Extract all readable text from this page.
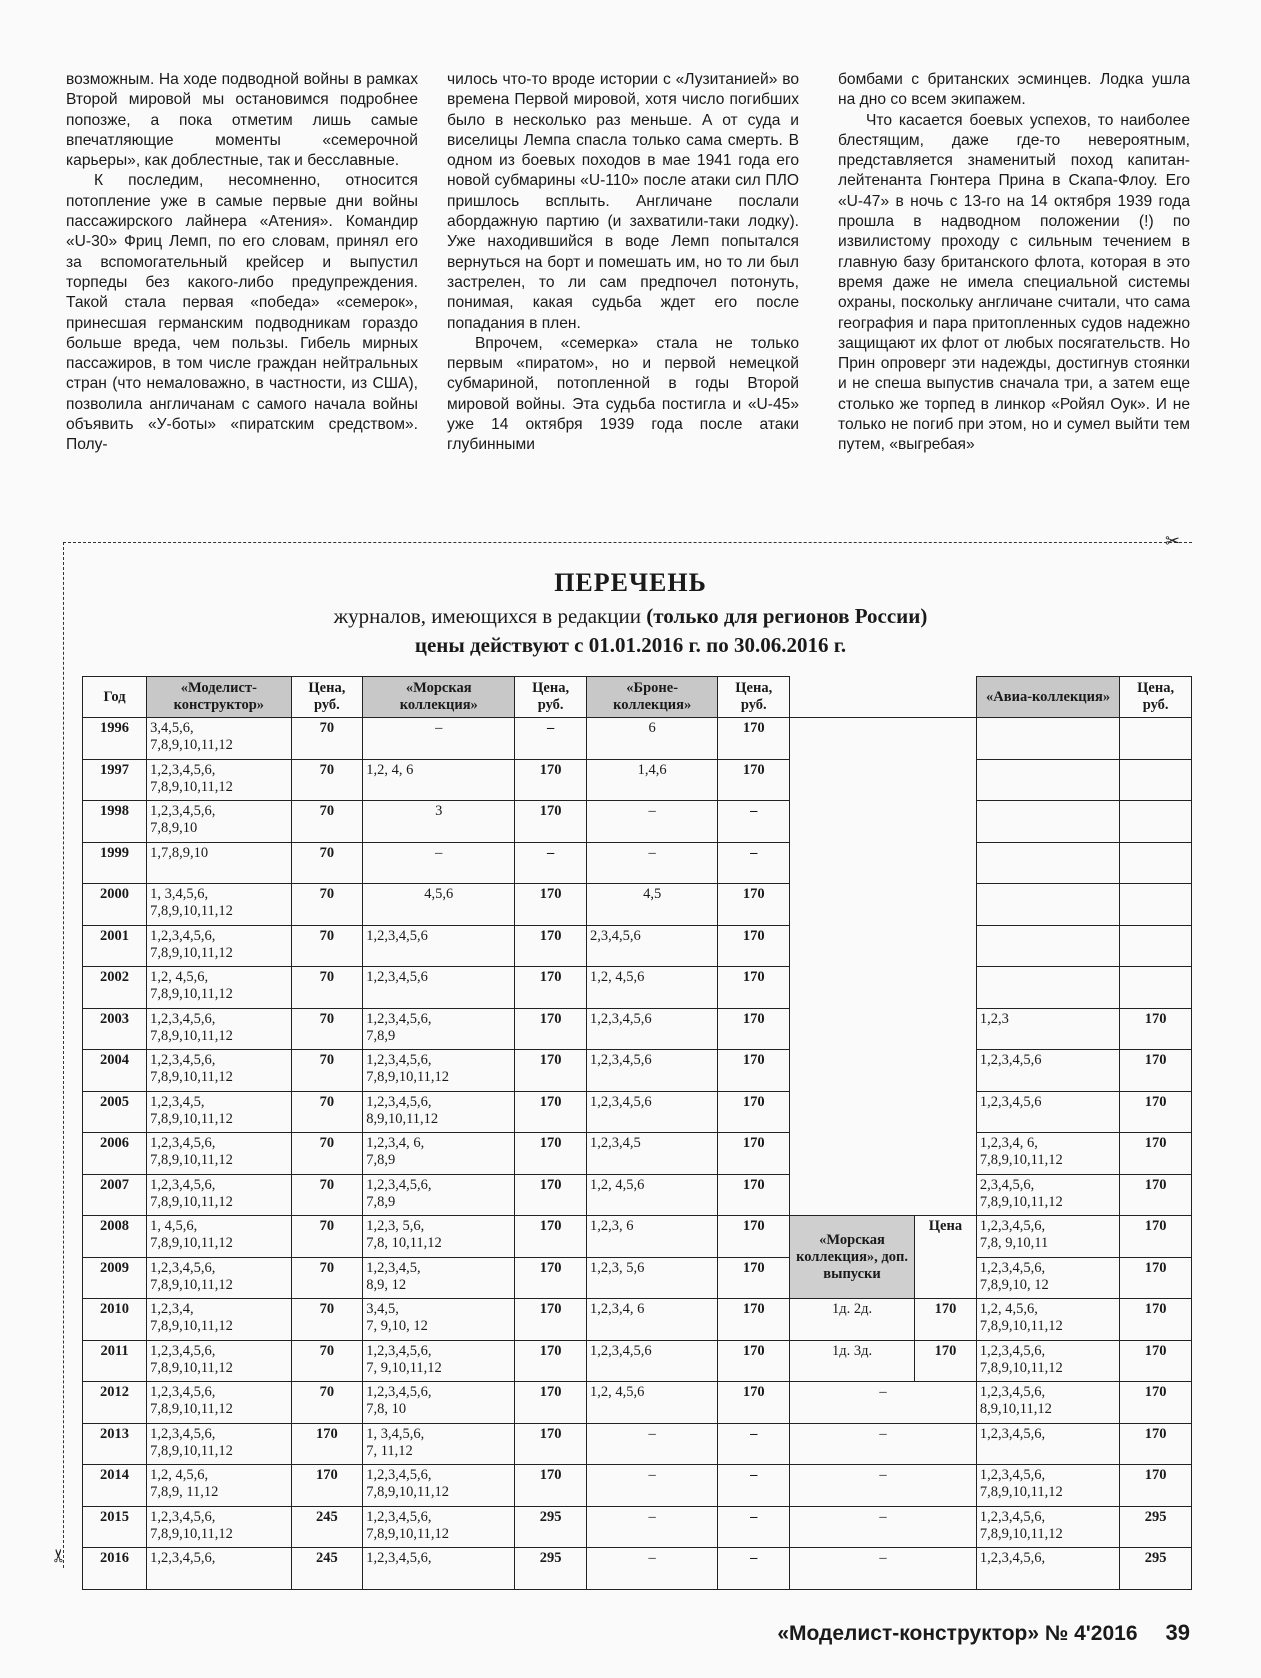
возможным. На ходе подводной войны в рамках Второй мировой мы остановимся подробнее попозже, а пока отметим лишь самые впечатляющие моменты «семерочной карьеры», как доблестные, так и бесславные.

К последим, несомненно, относится потопление уже в самые первые дни войны пассажирского лайнера «Атения». Командир «U-30» Фриц Лемп, по его словам, принял его за вспомогательный крейсер и выпустил торпеды без какого-либо предупреждения. Такой стала первая «победа» «семерок», принесшая германским подводникам гораздо больше вреда, чем пользы. Гибель мирных пассажиров, в том числе граждан нейтральных стран (что немаловажно, в частности, из США), позволила англичанам с самого начала войны объявить «У-боты» «пиратским средством». Полу-

чилось что-то вроде истории с «Лузитанией» во времена Первой мировой, хотя число погибших было в несколько раз меньше. А от суда и виселицы Лемпа спасла только сама смерть. В одном из боевых походов в мае 1941 года его новой субмарины «U-110» после атаки сил ПЛО пришлось всплыть. Англичане послали абордажную партию (и захватили-таки лодку). Уже находившийся в воде Лемп попытался вернуться на борт и помешать им, но то ли был застрелен, то ли сам предпочел потонуть, понимая, какая судьба ждет его после попадания в плен.

Впрочем, «семерка» стала не только первым «пиратом», но и первой немецкой субмариной, потопленной в годы Второй мировой войны. Эта судьба постигла и «U-45» уже 14 октября 1939 года после атаки глубинными

бомбами с британских эсминцев. Лодка ушла на дно со всем экипажем.

Что касается боевых успехов, то наиболее блестящим, даже где-то невероятным, представляется знаменитый поход капитан-лейтенанта Гюнтера Прина в Скапа-Флоу. Его «U-47» в ночь с 13-го на 14 октября 1939 года прошла в надводном положении (!) по извилистому проходу с сильным течением в главную базу британского флота, которая в это время даже не имела специальной системы охраны, поскольку англичане считали, что сама география и пара притопленных судов надежно защищают их флот от любых посягательств. Но Прин опроверг эти надежды, достигнув стоянки и не спеша выпустив сначала три, а затем еще столько же торпед в линкор «Ройял Оук». И не только не погиб при этом, но и сумел выйти тем путем, «выгребая»

✂
✂
ПЕРЕЧЕНЬ
журналов, имеющихся в редакции (только для регионов России)
цены действуют с 01.01.2016 г. по 30.06.2016 г.
Год	«Моделист-конструктор»	Цена, руб.	«Морская коллекция»	Цена, руб.	«Броне-коллекция»	Цена, руб.			«Авиа-коллекция»	Цена, руб.
1996	3,4,5,6,
7,8,9,10,11,12	70	–	–	6	170				
1997	1,2,3,4,5,6,
7,8,9,10,11,12	70	1,2, 4, 6	170	1,4,6	170				
1998	1,2,3,4,5,6,
7,8,9,10	70	3	170	–	–				
1999	1,7,8,9,10	70	–	–	–	–				
2000	1, 3,4,5,6,
7,8,9,10,11,12	70	4,5,6	170	4,5	170				
2001	1,2,3,4,5,6,
7,8,9,10,11,12	70	1,2,3,4,5,6	170	2,3,4,5,6	170				
2002	1,2, 4,5,6,
7,8,9,10,11,12	70	1,2,3,4,5,6	170	1,2, 4,5,6	170				
2003	1,2,3,4,5,6,
7,8,9,10,11,12	70	1,2,3,4,5,6,
7,8,9	170	1,2,3,4,5,6	170			1,2,3	170
2004	1,2,3,4,5,6,
7,8,9,10,11,12	70	1,2,3,4,5,6,
7,8,9,10,11,12	170	1,2,3,4,5,6	170			1,2,3,4,5,6	170
2005	1,2,3,4,5,
7,8,9,10,11,12	70	1,2,3,4,5,6,
8,9,10,11,12	170	1,2,3,4,5,6	170			1,2,3,4,5,6	170
2006	1,2,3,4,5,6,
7,8,9,10,11,12	70	1,2,3,4, 6,
7,8,9	170	1,2,3,4,5	170			1,2,3,4, 6,
7,8,9,10,11,12	170
2007	1,2,3,4,5,6,
7,8,9,10,11,12	70	1,2,3,4,5,6,
7,8,9	170	1,2, 4,5,6	170			2,3,4,5,6,
7,8,9,10,11,12	170
2008	1, 4,5,6,
7,8,9,10,11,12	70	1,2,3, 5,6,
7,8, 10,11,12	170	1,2,3, 6	170	«Морская коллекция», доп. выпуски	Цена	1,2,3,4,5,6,
7,8, 9,10,11	170
2009	1,2,3,4,5,6,
7,8,9,10,11,12	70	1,2,3,4,5,
8,9, 12	170	1,2,3, 5,6	170			1,2,3,4,5,6,
7,8,9,10, 12	170
2010	1,2,3,4,
7,8,9,10,11,12	70	3,4,5,
7, 9,10, 12	170	1,2,3,4, 6	170	1д. 2д.	170	1,2, 4,5,6,
7,8,9,10,11,12	170
2011	1,2,3,4,5,6,
7,8,9,10,11,12	70	1,2,3,4,5,6,
7, 9,10,11,12	170	1,2,3,4,5,6	170	1д. 3д.	170	1,2,3,4,5,6,
7,8,9,10,11,12	170
2012	1,2,3,4,5,6,
7,8,9,10,11,12	70	1,2,3,4,5,6,
7,8, 10	170	1,2, 4,5,6	170	–		1,2,3,4,5,6,
8,9,10,11,12	170
2013	1,2,3,4,5,6,
7,8,9,10,11,12	170	1, 3,4,5,6,
7, 11,12	170	–	–	–		1,2,3,4,5,6,	170
2014	1,2, 4,5,6,
7,8,9, 11,12	170	1,2,3,4,5,6,
7,8,9,10,11,12	170	–	–	–		1,2,3,4,5,6,
7,8,9,10,11,12	170
2015	1,2,3,4,5,6,
7,8,9,10,11,12	245	1,2,3,4,5,6,
7,8,9,10,11,12	295	–	–	–		1,2,3,4,5,6,
7,8,9,10,11,12	295
2016	1,2,3,4,5,6,	245	1,2,3,4,5,6,	295	–	–	–		1,2,3,4,5,6,	295
«Моделист-конструктор» № 4'2016 39
